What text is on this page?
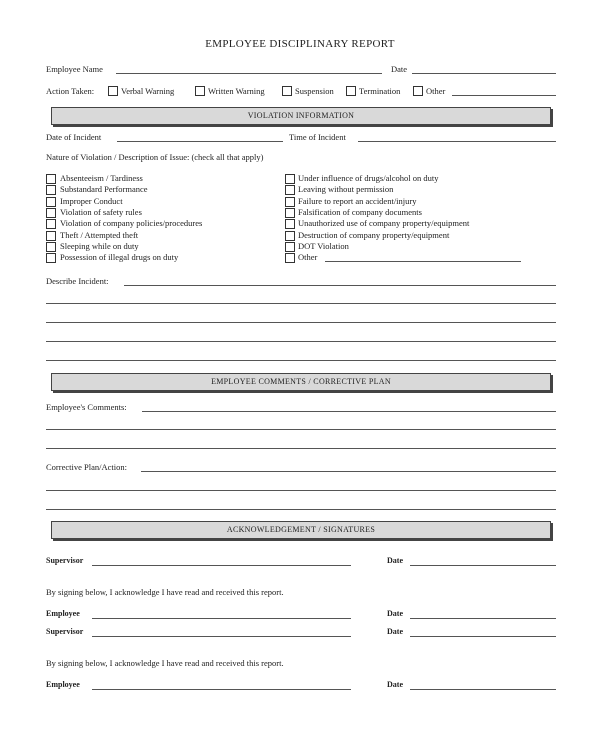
EMPLOYEE DISCIPLINARY REPORT
Employee Name	Date
Action Taken:	Verbal Warning	Written Warning	Suspension	Termination	Other
VIOLATION INFORMATION
Date of Incident	Time of Incident
Nature of Violation / Description of Issue: (check all that apply)
Absenteeism / Tardiness
Substandard Performance
Improper Conduct
Violation of safety rules
Violation of company policies/procedures
Theft / Attempted theft
Sleeping while on duty
Possession of illegal drugs on duty
Under influence of drugs/alcohol on duty
Leaving without permission
Failure to report an accident/injury
Falsification of company documents
Unauthorized use of company property/equipment
Destruction of company property/equipment
DOT Violation
Other
Describe Incident:
EMPLOYEE COMMENTS / CORRECTIVE PLAN
Employee's Comments:
Corrective Plan/Action:
ACKNOWLEDGEMENT / SIGNATURES
Supervisor	Date
By signing below, I acknowledge I have read and received this report.
Employee	Date
Supervisor	Date
By signing below, I acknowledge I have read and received this report.
Employee	Date
